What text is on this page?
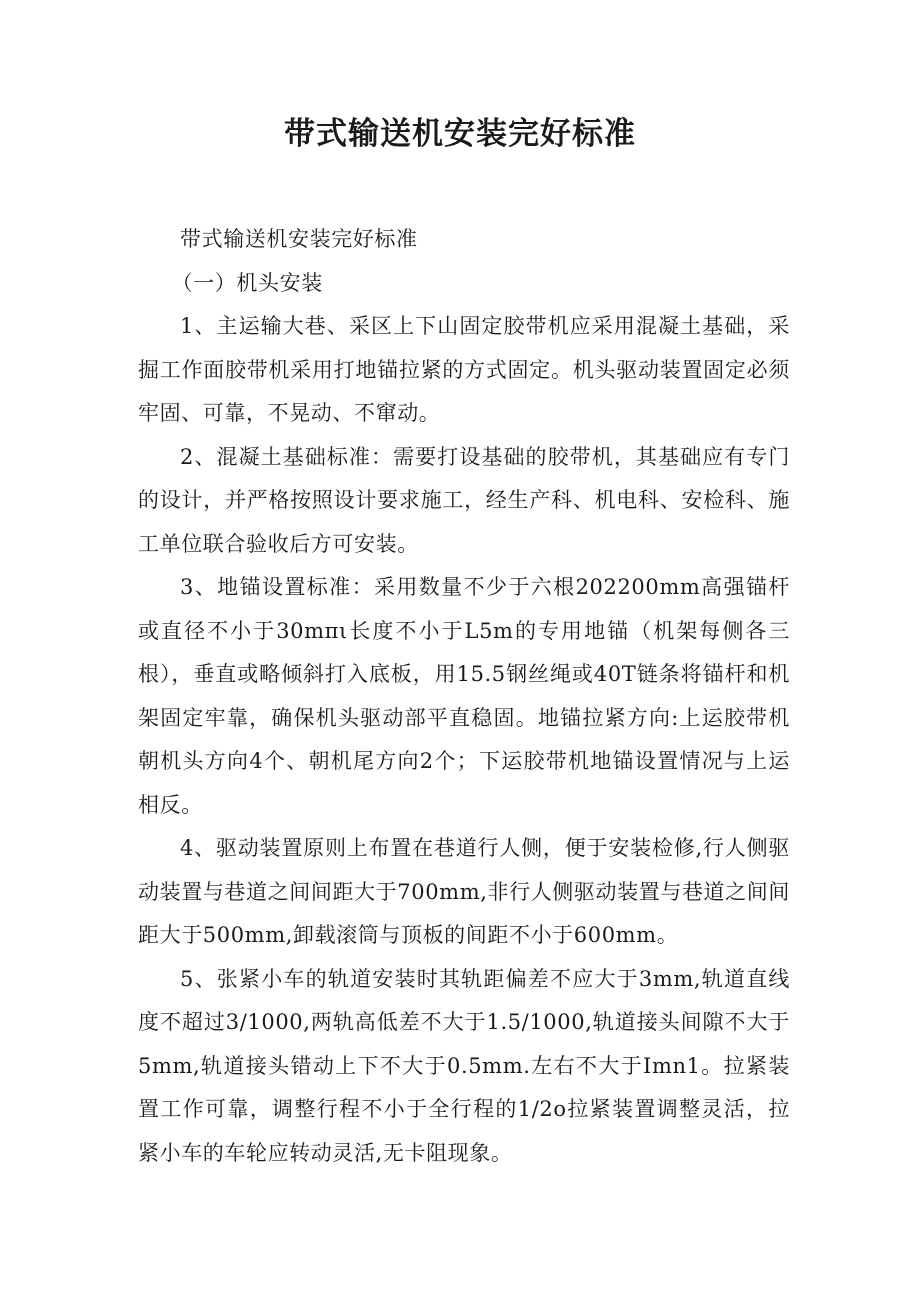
带式输送机安装完好标准

带式输送机安装完好标准

（一）机头安装

1、主运输大巷、采区上下山固定胶带机应采用混凝土基础，采掘工作面胶带机采用打地锚拉紧的方式固定。机头驱动装置固定必须牢固、可靠，不晃动、不窜动。

2、混凝土基础标准：需要打设基础的胶带机，其基础应有专门的设计，并严格按照设计要求施工，经生产科、机电科、安检科、施工单位联合验收后方可安装。

3、地锚设置标准：采用数量不少于六根202200mm高强锚杆或直径不小于30mπι长度不小于L5m的专用地锚（机架每侧各三根），垂直或略倾斜打入底板，用15.5钢丝绳或40T链条将锚杆和机架固定牢靠，确保机头驱动部平直稳固。地锚拉紧方向:上运胶带机朝机头方向4个、朝机尾方向2个；下运胶带机地锚设置情况与上运相反。

4、驱动装置原则上布置在巷道行人侧，便于安装检修,行人侧驱动装置与巷道之间间距大于700mm,非行人侧驱动装置与巷道之间间距大于500mm,卸载滚筒与顶板的间距不小于600mm。

5、张紧小车的轨道安装时其轨距偏差不应大于3mm,轨道直线度不超过3/1000,两轨高低差不大于1.5/1000,轨道接头间隙不大于5mm,轨道接头错动上下不大于0.5mm.左右不大于Imn1。拉紧装置工作可靠，调整行程不小于全行程的1/2o拉紧装置调整灵活，拉紧小车的车轮应转动灵活,无卡阻现象。
